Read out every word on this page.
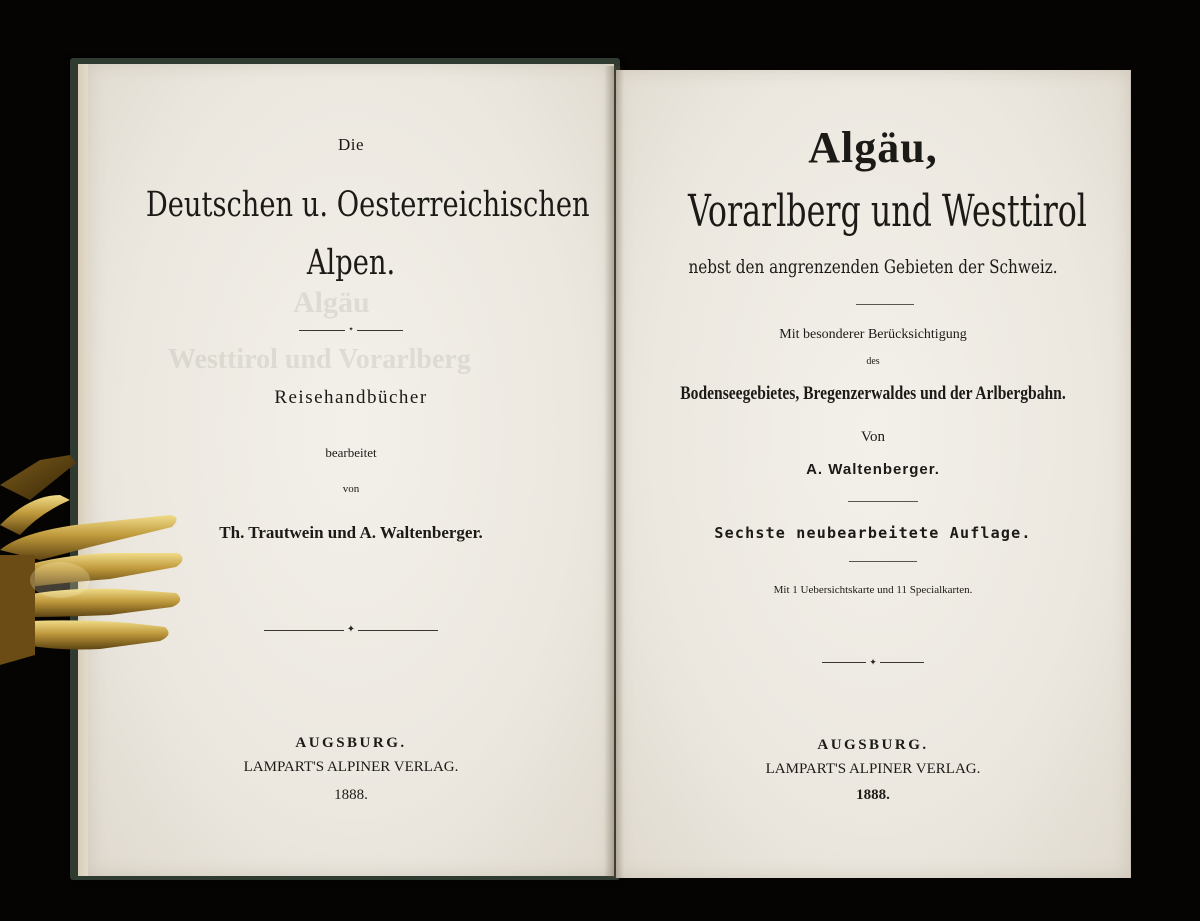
Algäu
Westtirol und Vorarlberg
Die
Deutschen u. Oesterreichischen
Alpen.
✦
Reisehandbücher
bearbeitet
von
Th. Trautwein und A. Waltenberger.
✦
AUGSBURG.
LAMPART'S ALPINER VERLAG.
1888.
Algäu,
Vorarlberg und Westtirol
nebst den angrenzenden Gebieten der Schweiz.
Mit besonderer Berücksichtigung
des
Bodenseegebietes, Bregenzerwaldes und der Arlbergbahn.
Von
A. Waltenberger.
Sechste neubearbeitete Auflage.
Mit 1 Uebersichtskarte und 11 Specialkarten.
✦
AUGSBURG.
LAMPART'S ALPINER VERLAG.
1888.
